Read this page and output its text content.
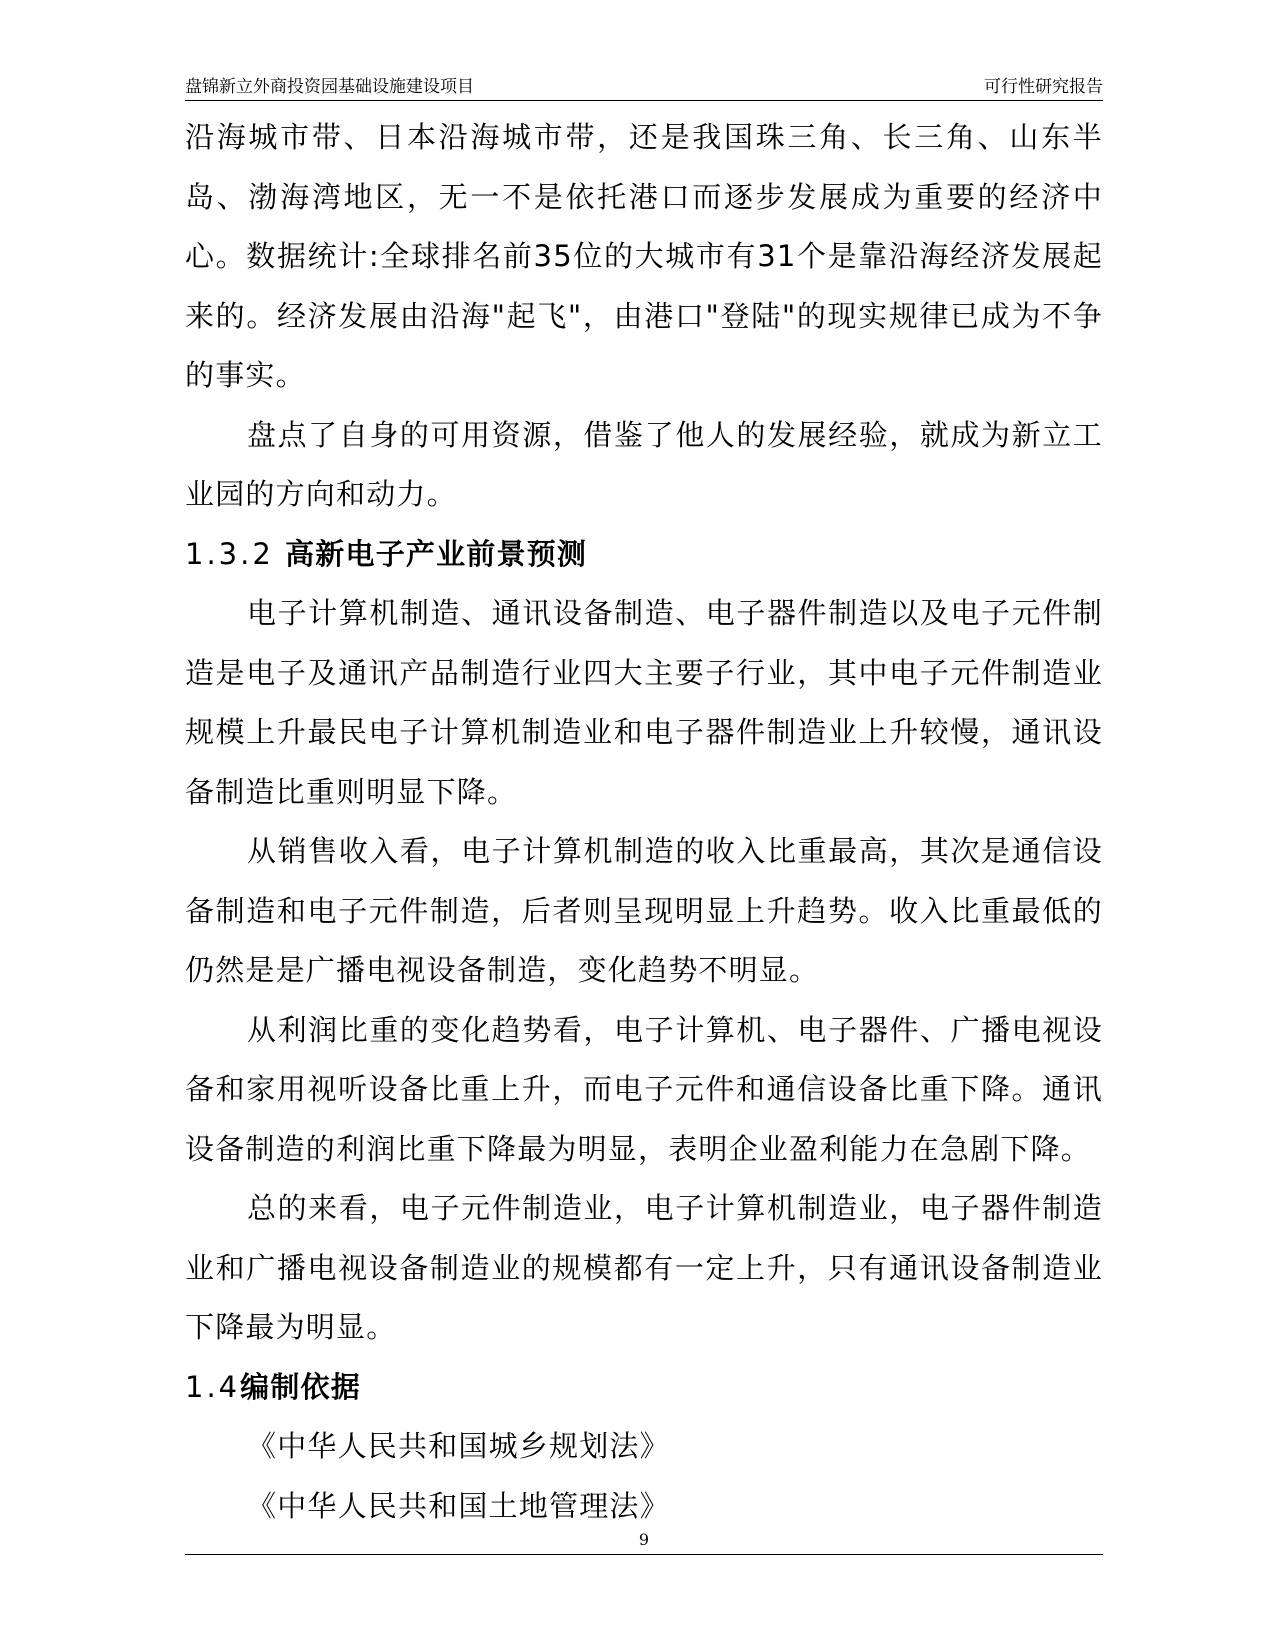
盘锦新立外商投资园基础设施建设项目	可行性研究报告

沿海城市带、日本沿海城市带，还是我国珠三角、长三角、山东半岛、渤海湾地区，无一不是依托港口而逐步发展成为重要的经济中心。数据统计:全球排名前35位的大城市有31个是靠沿海经济发展起来的。经济发展由沿海"起飞"，由港口"登陆"的现实规律已成为不争的事实。

盘点了自身的可用资源，借鉴了他人的发展经验，就成为新立工业园的方向和动力。

1.3.2 高新电子产业前景预测

电子计算机制造、通讯设备制造、电子器件制造以及电子元件制造是电子及通讯产品制造行业四大主要子行业，其中电子元件制造业规模上升最民电子计算机制造业和电子器件制造业上升较慢，通讯设备制造比重则明显下降。

从销售收入看，电子计算机制造的收入比重最高，其次是通信设备制造和电子元件制造，后者则呈现明显上升趋势。收入比重最低的仍然是是广播电视设备制造，变化趋势不明显。

从利润比重的变化趋势看，电子计算机、电子器件、广播电视设备和家用视听设备比重上升，而电子元件和通信设备比重下降。通讯设备制造的利润比重下降最为明显，表明企业盈利能力在急剧下降。

总的来看，电子元件制造业，电子计算机制造业，电子器件制造业和广播电视设备制造业的规模都有一定上升，只有通讯设备制造业下降最为明显。

1.4编制依据

《中华人民共和国城乡规划法》

《中华人民共和国土地管理法》

9
